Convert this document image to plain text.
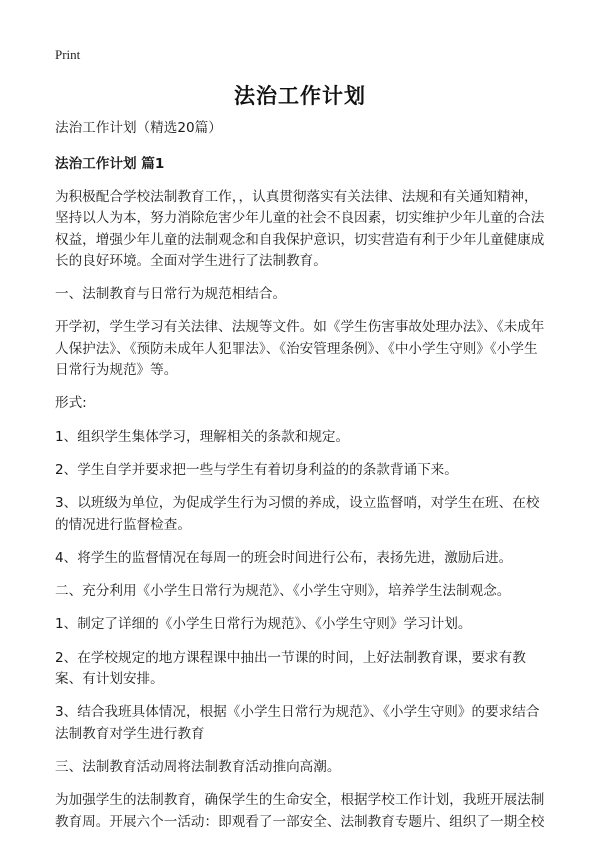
Print
法治工作计划
法治工作计划（精选20篇）
法治工作计划 篇1

为积极配合学校法制教育工作，，认真贯彻落实有关法律、法规和有关通知精神，坚持以人为本，努力消除危害少年儿童的社会不良因素，切实维护少年儿童的合法权益，增强少年儿童的法制观念和自我保护意识，切实营造有利于少年儿童健康成长的良好环境。全面对学生进行了法制教育。

一、法制教育与日常行为规范相结合。

开学初，学生学习有关法律、法规等文件。如《学生伤害事故处理办法》、《未成年人保护法》、《预防未成年人犯罪法》、《治安管理条例》、《中小学生守则》《小学生日常行为规范》等。

形式:

1、组织学生集体学习，理解相关的条款和规定。

2、学生自学并要求把一些与学生有着切身利益的的条款背诵下来。

3、以班级为单位，为促成学生行为习惯的养成，设立监督哨，对学生在班、在校的情况进行监督检查。

4、将学生的监督情况在每周一的班会时间进行公布，表扬先进，激励后进。

二、充分利用《小学生日常行为规范》、《小学生守则》，培养学生法制观念。

1、制定了详细的《小学生日常行为规范》、《小学生守则》学习计划。

2、在学校规定的地方课程课中抽出一节课的时间，上好法制教育课，要求有教案、有计划安排。

3、结合我班具体情况，根据《小学生日常行为规范》、《小学生守则》的要求结合法制教育对学生进行教育

三、法制教育活动周将法制教育活动推向高潮。

为加强学生的法制教育，确保学生的生命安全，根据学校工作计划，我班开展法制教育周。开展六个一活动：即观看了一部安全、法制教育专题片、组织了一期全校
